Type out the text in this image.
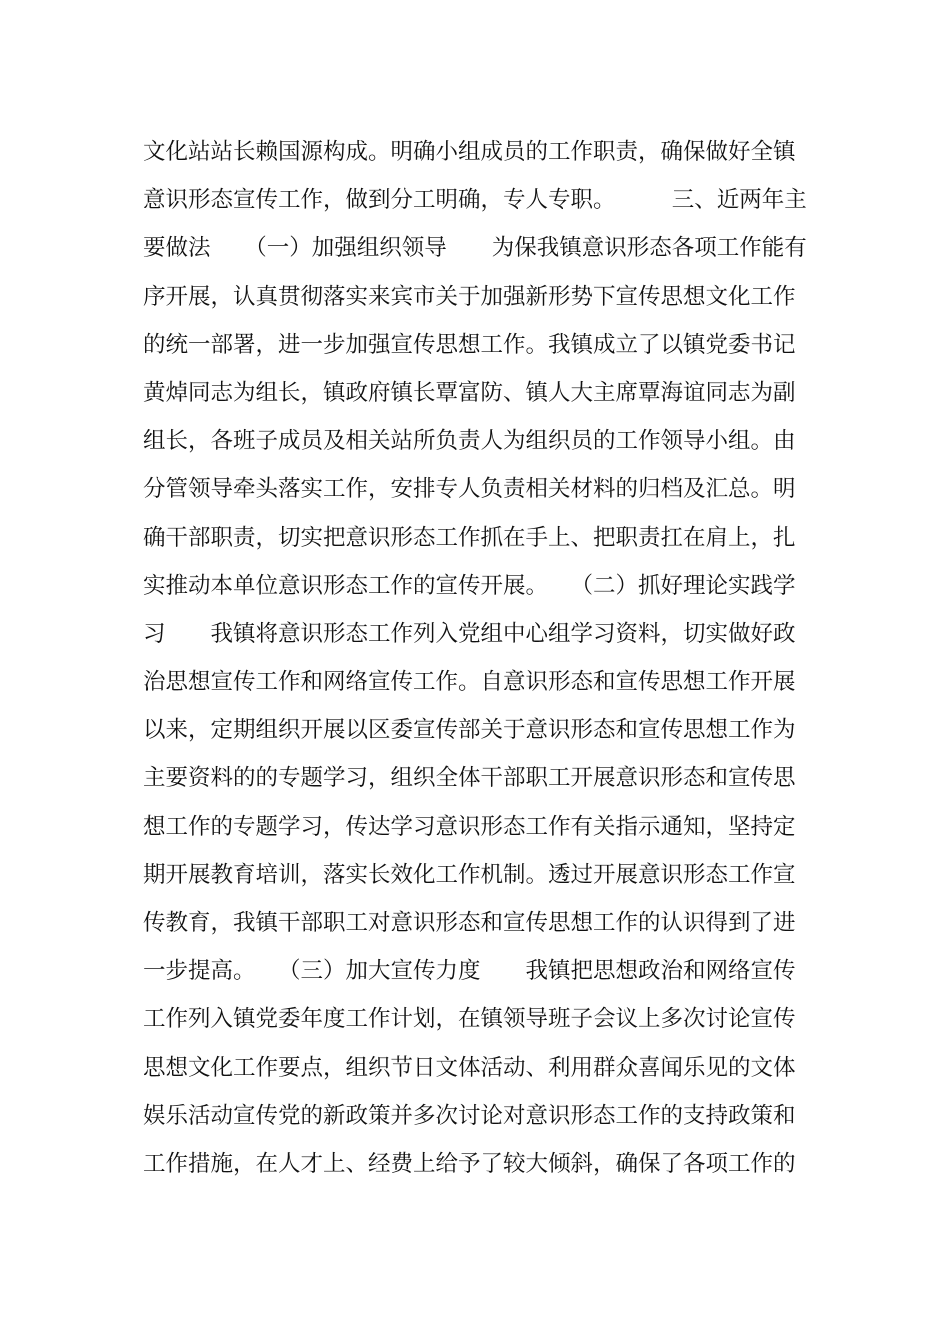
文化站站长赖国源构成。明确小组成员的工作职责，确保做好全镇
意识形态宣传工作，做到分工明确，专人专职。　　　三、近两年主
要做法　　（一）加强组织领导　　为保我镇意识形态各项工作能有
序开展，认真贯彻落实来宾市关于加强新形势下宣传思想文化工作
的统一部署，进一步加强宣传思想工作。我镇成立了以镇党委书记
黄焯同志为组长，镇政府镇长覃富防、镇人大主席覃海谊同志为副
组长，各班子成员及相关站所负责人为组织员的工作领导小组。由
分管领导牵头落实工作，安排专人负责相关材料的归档及汇总。明
确干部职责，切实把意识形态工作抓在手上、把职责扛在肩上，扎
实推动本单位意识形态工作的宣传开展。　　（二）抓好理论实践学
习　　我镇将意识形态工作列入党组中心组学习资料，切实做好政
治思想宣传工作和网络宣传工作。自意识形态和宣传思想工作开展
以来，定期组织开展以区委宣传部关于意识形态和宣传思想工作为
主要资料的的专题学习，组织全体干部职工开展意识形态和宣传思
想工作的专题学习，传达学习意识形态工作有关指示通知，坚持定
期开展教育培训，落实长效化工作机制。透过开展意识形态工作宣
传教育，我镇干部职工对意识形态和宣传思想工作的认识得到了进
一步提高。　　（三）加大宣传力度　　我镇把思想政治和网络宣传
工作列入镇党委年度工作计划，在镇领导班子会议上多次讨论宣传
思想文化工作要点，组织节日文体活动、利用群众喜闻乐见的文体
娱乐活动宣传党的新政策并多次讨论对意识形态工作的支持政策和
工作措施，在人才上、经费上给予了较大倾斜，确保了各项工作的
